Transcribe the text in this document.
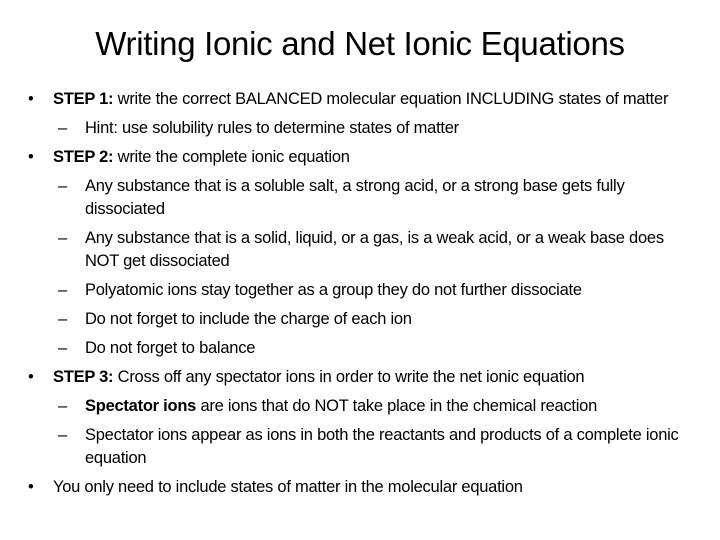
Writing Ionic and Net Ionic Equations
• STEP 1: write the correct BALANCED molecular equation INCLUDING states of matter
– Hint: use solubility rules to determine states of matter
• STEP 2: write the complete ionic equation
– Any substance that is a soluble salt, a strong acid, or a strong base gets fully dissociated
– Any substance that is a solid, liquid, or a gas, is a weak acid, or a weak base does NOT get dissociated
– Polyatomic ions stay together as a group they do not further dissociate
– Do not forget to include the charge of each ion
– Do not forget to balance
• STEP 3: Cross off any spectator ions in order to write the net ionic equation
– Spectator ions are ions that do NOT take place in the chemical reaction
– Spectator ions appear as ions in both the reactants and products of a complete ionic equation
• You only need to include states of matter in the molecular equation
